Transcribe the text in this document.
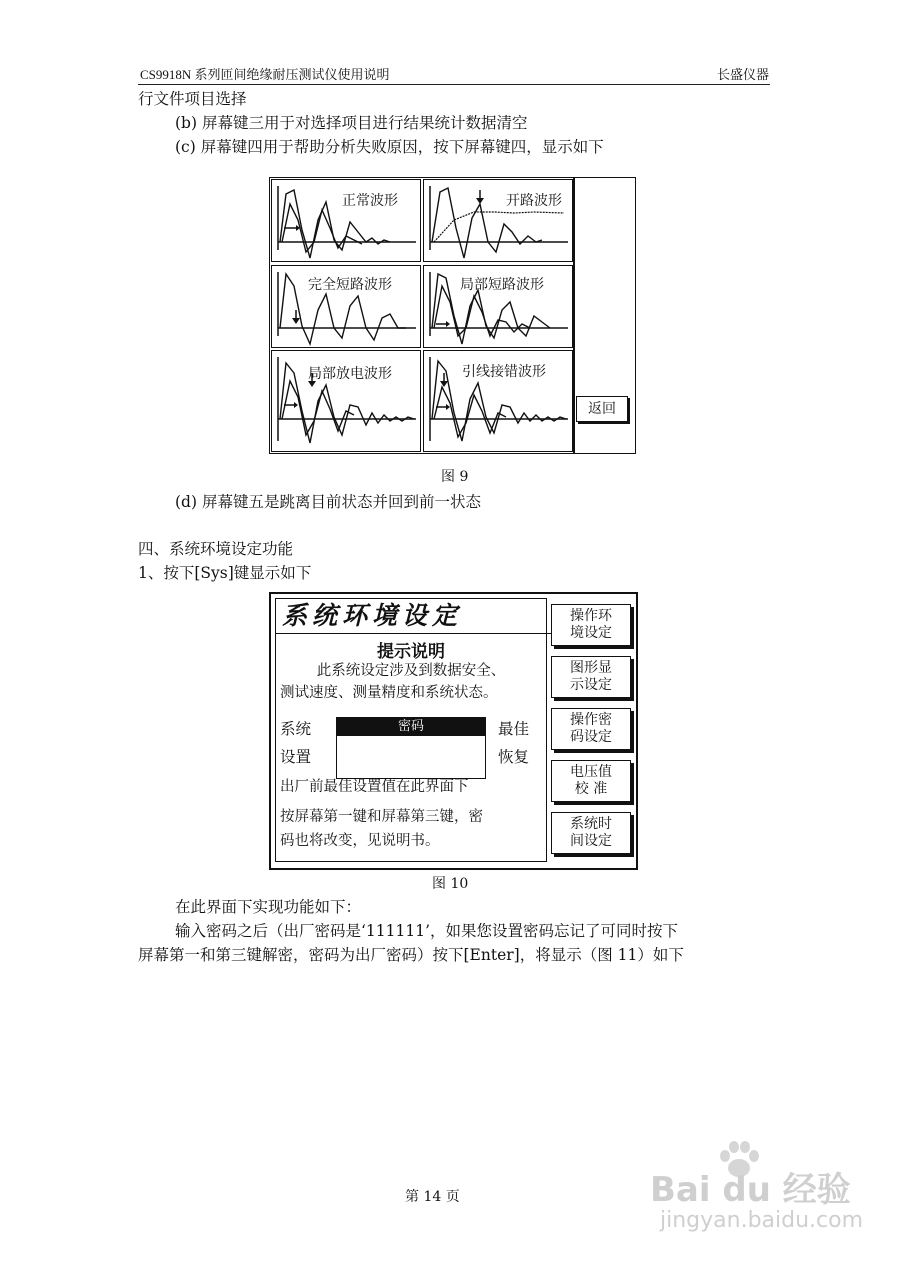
CS9918N 系列匝间绝缘耐压测试仪使用说明	长盛仪器
行文件项目选择
(b) 屏幕键三用于对选择项目进行结果统计数据清空
(c) 屏幕键四用于帮助分析失败原因，按下屏幕键四，显示如下
正常波形	开路波形
完全短路波形	局部短路波形
局部放电波形	引线接错波形
返回
图 9
(d) 屏幕键五是跳离目前状态并回到前一状态
四、系统环境设定功能
1、按下[Sys]键显示如下
系统环境设定
提示说明
此系统设定涉及到数据安全、
测试速度、测量精度和系统状态。
系统
设置
密码	最佳
恢复
出厂前最佳设置值在此界面下
按屏幕第一键和屏幕第三键，密
码也将改变，见说明书。
操作环
境设定
图形显
示设定
操作密
码设定
电压值
校 准
系统时
间设定
图 10
在此界面下实现功能如下：
输入密码之后（出厂密码是‘111111’，如果您设置密码忘记了可同时按下
屏幕第一和第三键解密，密码为出厂密码）按下[Enter]，将显示（图 11）如下
第 14 页	Bai du 经验
jingyan.baidu.com
